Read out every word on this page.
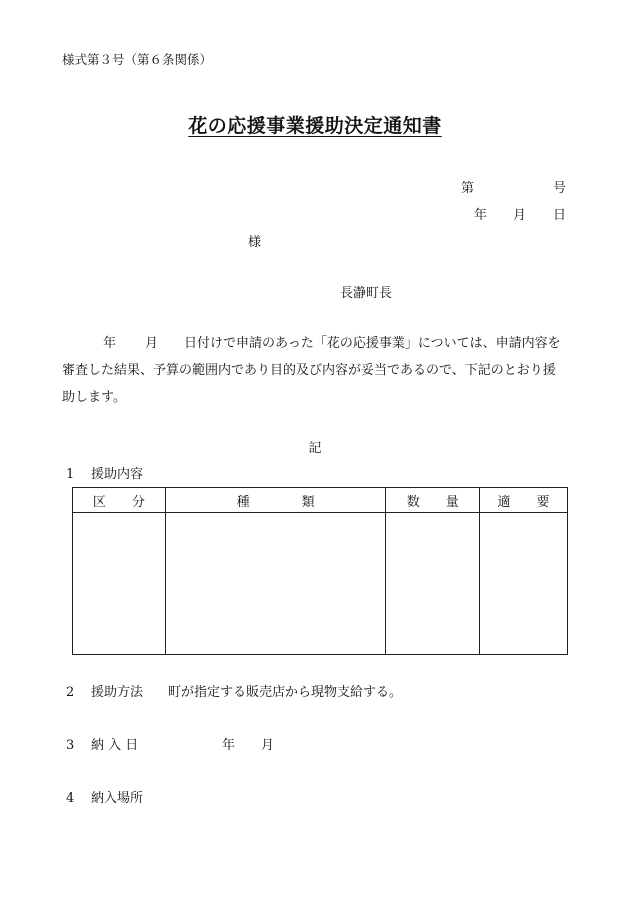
様式第３号（第６条関係）
花の応援事業援助決定通知書
第	号
年 月 日
様
長瀞町長
年 月 日付けで申請のあった「花の応援事業」については、申請内容を
審査した結果、予算の範囲内であり目的及び内容が妥当であるので、下記のとおり援
助します。
記
1 援助内容
区　　分	種　　　　類	数　　量	適　　要

2 援助方法 町が指定する販売店から現物支給する。
3 納 入 日	年 月
4 納入場所
